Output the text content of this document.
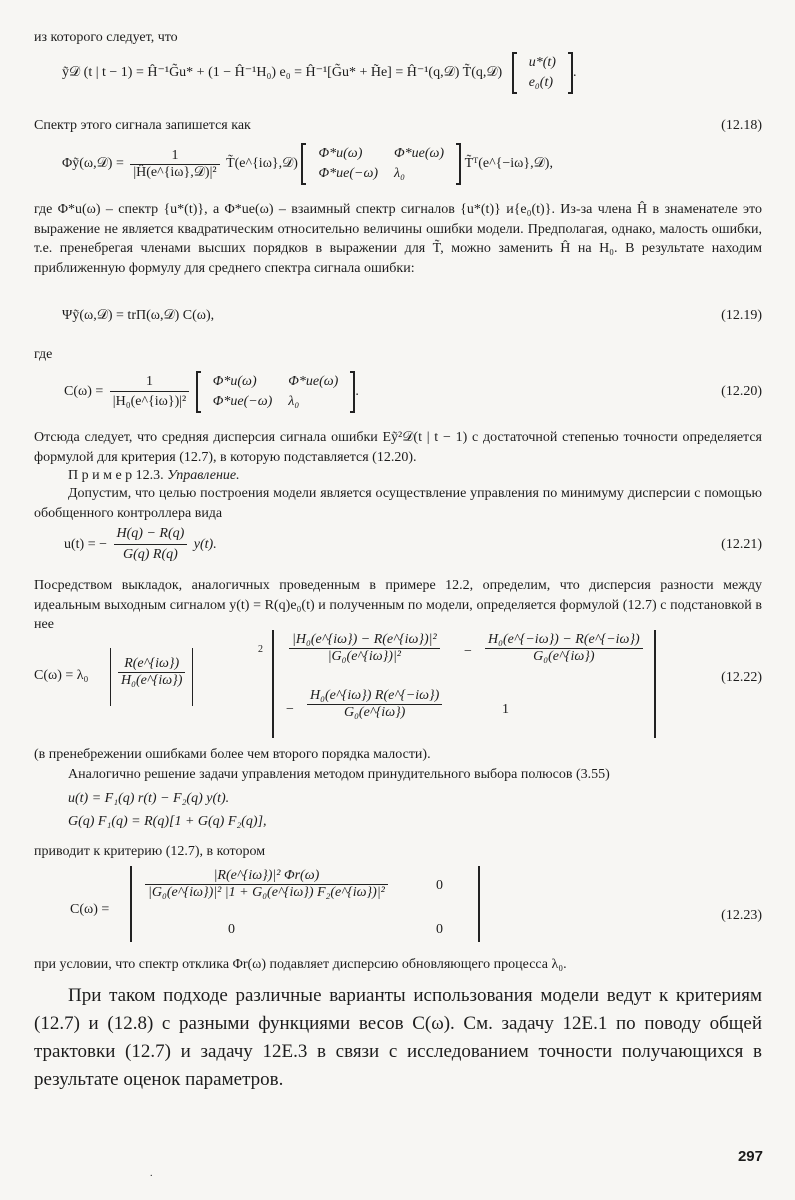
из которого следует, что
ỹ𝒟 (t | t − 1) = Ĥ⁻¹G̃u* + (1 − Ĥ⁻¹H₀) e₀ = Ĥ⁻¹[G̃u* + H̃e] = Ĥ⁻¹(q,𝒟) T̃(q,𝒟)
u*(t)
e₀(t)
.
Спектр этого сигнала запишется как	(12.18)
Φỹ(ω,𝒟) = $\frac{1}{\text{|Ĥ(e\textasciicircum{}\{iω\},𝒟)|²}}$ T̃(e^{iω},𝒟)
Φ*u(ω)	Φ*ue(ω)
Φ*ue(−ω)	λ₀
T̃ᵀ(e^{−iω},𝒟),
где Φ*u(ω) – спектр {u*(t)}, а Φ*ue(ω) – взаимный спектр сигналов {u*(t)} и{e₀(t)}. Из-за члена Ĥ в знаменателе это выражение не является квадратическим относительно величины ошибки модели. Предполагая, однако, малость ошибки, т.е. пренебрегая членами высших порядков в выражении для T̃, можно заменить Ĥ на H₀. В результате находим приближенную формулу для среднего спектра сигнала ошибки:
Ψỹ(ω,𝒟) = trΠ(ω,𝒟) C(ω),	(12.19)
где
$C(\omega) = \frac{1}{\text{|H₀(e\textasciicircum{}\{iω\})|²}}$
Φ*u(ω)	Φ*ue(ω)
Φ*ue(−ω)	λ₀
.	(12.20)
Отсюда следует, что средняя дисперсия сигнала ошибки Eỹ²𝒟(t | t − 1) с достаточной степенью точности определяется формулой для критерия (12.7), в которую подставляется (12.20).
П р и м е р 12.3. Управление.
Допустим, что целью построения модели является осуществление управления по минимуму дисперсии с помощью обобщенного контроллера вида
u(t) = − $\frac{H(q) - R(q)}{G(q) R(q)} y(t)$.	(12.21)
Посредством выкладок, аналогичных проведенным в примере 12.2, определим, что дисперсия разности между идеальным выходным сигналом y(t) = R(q)e₀(t) и полученным по модели, определяется формулой (12.7) с подстановкой в нее
$C(\omega) = \lambda_0 \frac{R(e\^{}\{i\omega\})}{\text{H₀(e\textasciicircum{}\{iω\})}}$
$2 \frac{\text{|H₀(e\textasciicircum{}\{iω\}) − R(e\textasciicircum{}\{iω\})|²}}{\text{|G₀(e\textasciicircum{}\{iω\})|²}} - \frac{\text{H₀(e\textasciicircum{}\{−iω\}) − R(e\textasciicircum{}\{−iω\})}}{\text{G₀(e\textasciicircum{}\{iω\})}}$
− $\frac{\text{H₀(e\textasciicircum{}\{iω\}) R(e\textasciicircum{}\{−iω\})}}{\text{G₀(e\textasciicircum{}\{iω\})}}$	1
(12.22)
(в пренебрежении ошибками более чем второго порядка малости).
Аналогично решение задачи управления методом принудительного выбора полюсов (3.55)
u(t) = F₁(q) r(t) − F₂(q) y(t).
G(q) F₁(q) = R(q)[1 + G(q) F₂(q)],
приводит к критерию (12.7), в котором
C(ω) =
$\frac{\text{|R(e\textasciicircum{}\{iω\})|² Φr(ω)}}{\text{|G₀(e\textasciicircum{}\{iω\})|² |1 + G₀(e\textasciicircum{}\{iω\}) F₂(e\textasciicircum{}\{iω\})|²}}$	0
0	0
(12.23)
при условии, что спектр отклика Φr(ω) подавляет дисперсию обновляющего процесса λ₀.
При таком подходе различные варианты использования модели ведут к критериям (12.7) и (12.8) с разными функциями весов C(ω). См. задачу 12E.1 по поводу общей трактовки (12.7) и задачу 12E.3 в связи с исследованием точности получающихся в результате оценок параметров.
297
.
